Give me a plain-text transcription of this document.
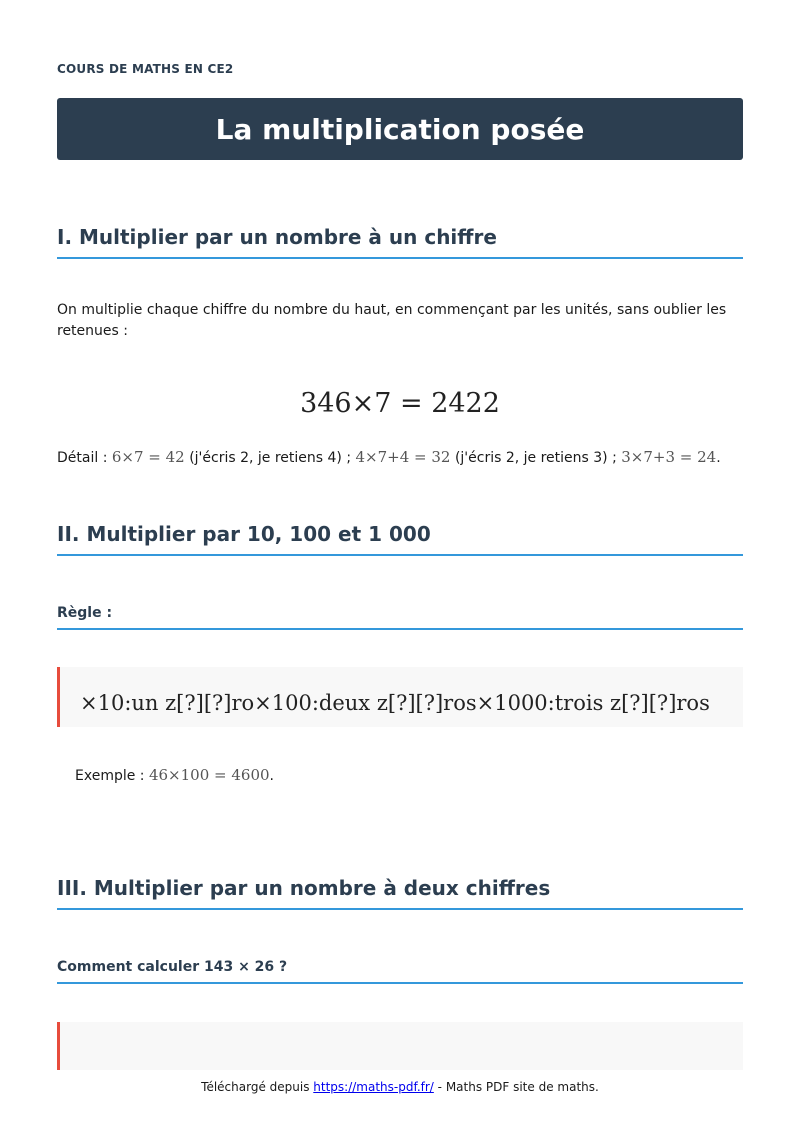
COURS DE MATHS EN CE2
La multiplication posée
I. Multiplier par un nombre à un chiffre

On multiplie chaque chiffre du nombre du haut, en commençant par les unités, sans oublier les retenues :

346×7 = 2422

Détail : 6×7 = 42 (j'écris 2, je retiens 4) ; 4×7+4 = 32 (j'écris 2, je retiens 3) ; 3×7+3 = 24.

II. Multiplier par 10, 100 et 1 000
Règle :
×10:un z[?][?]ro×100:deux z[?][?]ros×1000:trois z[?][?]ros

Exemple : 46×100 = 4600.

III. Multiplier par un nombre à deux chiffres
Comment calculer 143 × 26 ?
Téléchargé depuis https://maths-pdf.fr/ - Maths PDF site de maths.
